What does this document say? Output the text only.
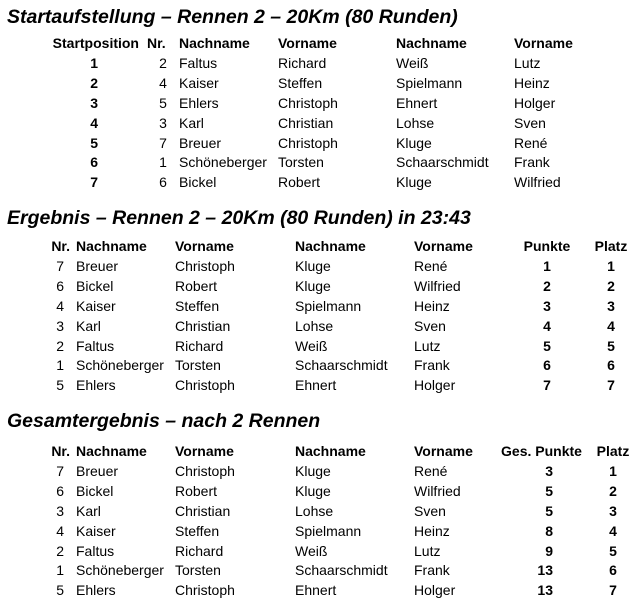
Startaufstellung – Rennen 2 – 20Km (80 Runden)
Startposition	Nr.	Nachname	Vorname	Nachname	Vorname
1	2	Faltus	Richard	Weiß	Lutz
2	4	Kaiser	Steffen	Spielmann	Heinz
3	5	Ehlers	Christoph	Ehnert	Holger
4	3	Karl	Christian	Lohse	Sven
5	7	Breuer	Christoph	Kluge	René
6	1	Schöneberger	Torsten	Schaarschmidt	Frank
7	6	Bickel	Robert	Kluge	Wilfried
Ergebnis – Rennen 2 – 20Km (80 Runden) in 23:43
Nr.	Nachname	Vorname	Nachname	Vorname	Punkte	Platz
7	Breuer	Christoph	Kluge	René	1	1
6	Bickel	Robert	Kluge	Wilfried	2	2
4	Kaiser	Steffen	Spielmann	Heinz	3	3
3	Karl	Christian	Lohse	Sven	4	4
2	Faltus	Richard	Weiß	Lutz	5	5
1	Schöneberger	Torsten	Schaarschmidt	Frank	6	6
5	Ehlers	Christoph	Ehnert	Holger	7	7
Gesamtergebnis – nach 2 Rennen
Nr.	Nachname	Vorname	Nachname	Vorname	Ges. Punkte	Platz
7	Breuer	Christoph	Kluge	René	3	1
6	Bickel	Robert	Kluge	Wilfried	5	2
3	Karl	Christian	Lohse	Sven	5	3
4	Kaiser	Steffen	Spielmann	Heinz	8	4
2	Faltus	Richard	Weiß	Lutz	9	5
1	Schöneberger	Torsten	Schaarschmidt	Frank	13	6
5	Ehlers	Christoph	Ehnert	Holger	13	7
